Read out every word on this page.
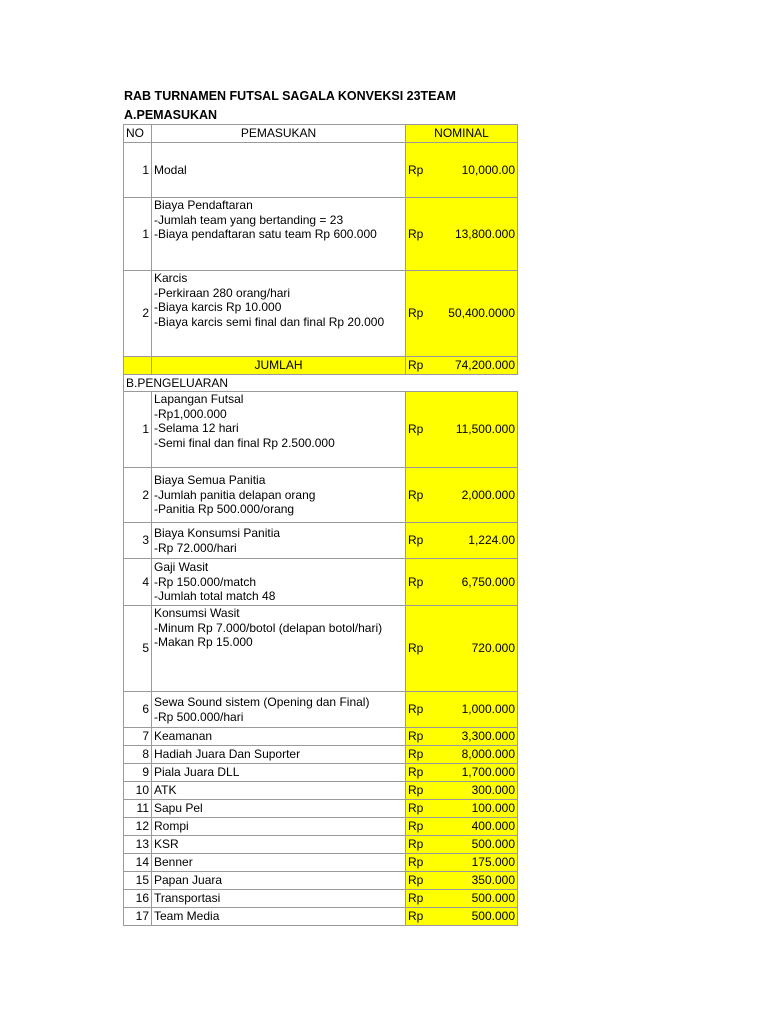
RAB TURNAMEN FUTSAL SAGALA KONVEKSI 23TEAM
A.PEMASUKAN
NO	PEMASUKAN	NOMINAL	
1	Modal	Rp	10,000.00
1	Biaya Pendaftaran
-Jumlah team yang bertanding = 23
-Biaya pendaftaran satu team Rp 600.000	Rp	13,800.000
2	Karcis
-Perkiraan 280 orang/hari
-Biaya karcis Rp 10.000
-Biaya karcis semi final dan final Rp 20.000	Rp	50,400.0000
	JUMLAH	Rp	74,200.000
B.PENGELUARAN			
1	Lapangan Futsal
-Rp1,000.000
-Selama 12 hari
-Semi final dan final Rp 2.500.000	Rp	11,500.000
2	Biaya Semua Panitia
-Jumlah panitia delapan orang
-Panitia Rp 500.000/orang	Rp	2,000.000
3	Biaya Konsumsi Panitia
-Rp 72.000/hari	Rp	1,224.00
4	Gaji Wasit
-Rp 150.000/match
-Jumlah total match 48	Rp	6,750.000
5	Konsumsi Wasit
-Minum Rp 7.000/botol (delapan botol/hari)
-Makan Rp 15.000	Rp	720.000
6	Sewa Sound sistem (Opening dan Final)
-Rp 500.000/hari	Rp	1,000.000
7	Keamanan	Rp	3,300.000
8	Hadiah Juara Dan Suporter	Rp	8,000.000
9	Piala Juara DLL	Rp	1,700.000
10	ATK	Rp	300.000
11	Sapu Pel	Rp	100.000
12	Rompi	Rp	400.000
13	KSR	Rp	500.000
14	Benner	Rp	175.000
15	Papan Juara	Rp	350.000
16	Transportasi	Rp	500.000
17	Team Media	Rp	500.000
